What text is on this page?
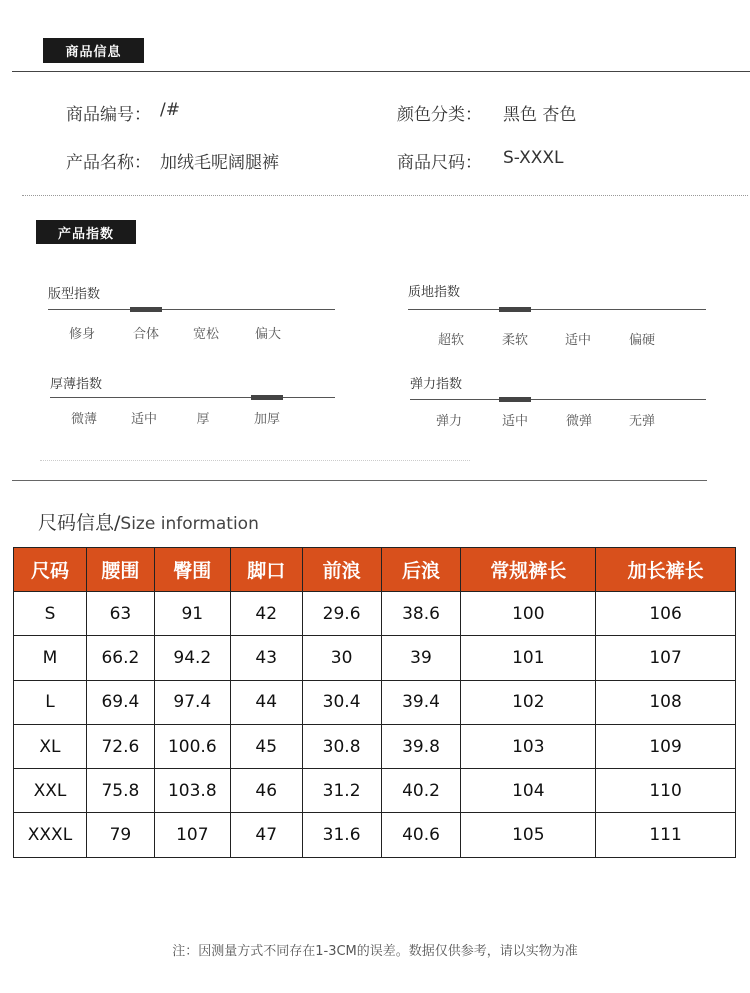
商品信息
商品编号： /#	颜色分类： 黑色 杏色
产品名称： 加绒毛呢阔腿裤	商品尺码： S-XXXL
产品指数
版型指数
修身	合体	宽松	偏大
质地指数
超软	柔软	适中	偏硬
厚薄指数
微薄	适中	厚	加厚
弹力指数
弹力	适中	微弹	无弹
尺码信息/Size information
尺码	腰围	臀围	脚口	前浪	后浪	常规裤长	加长裤长
S	63	91	42	29.6	38.6	100	106
M	66.2	94.2	43	30	39	101	107
L	69.4	97.4	44	30.4	39.4	102	108
XL	72.6	100.6	45	30.8	39.8	103	109
XXL	75.8	103.8	46	31.2	40.2	104	110
XXXL	79	107	47	31.6	40.6	105	111
注：因测量方式不同存在1-3CM的误差。数据仅供参考，请以实物为准
